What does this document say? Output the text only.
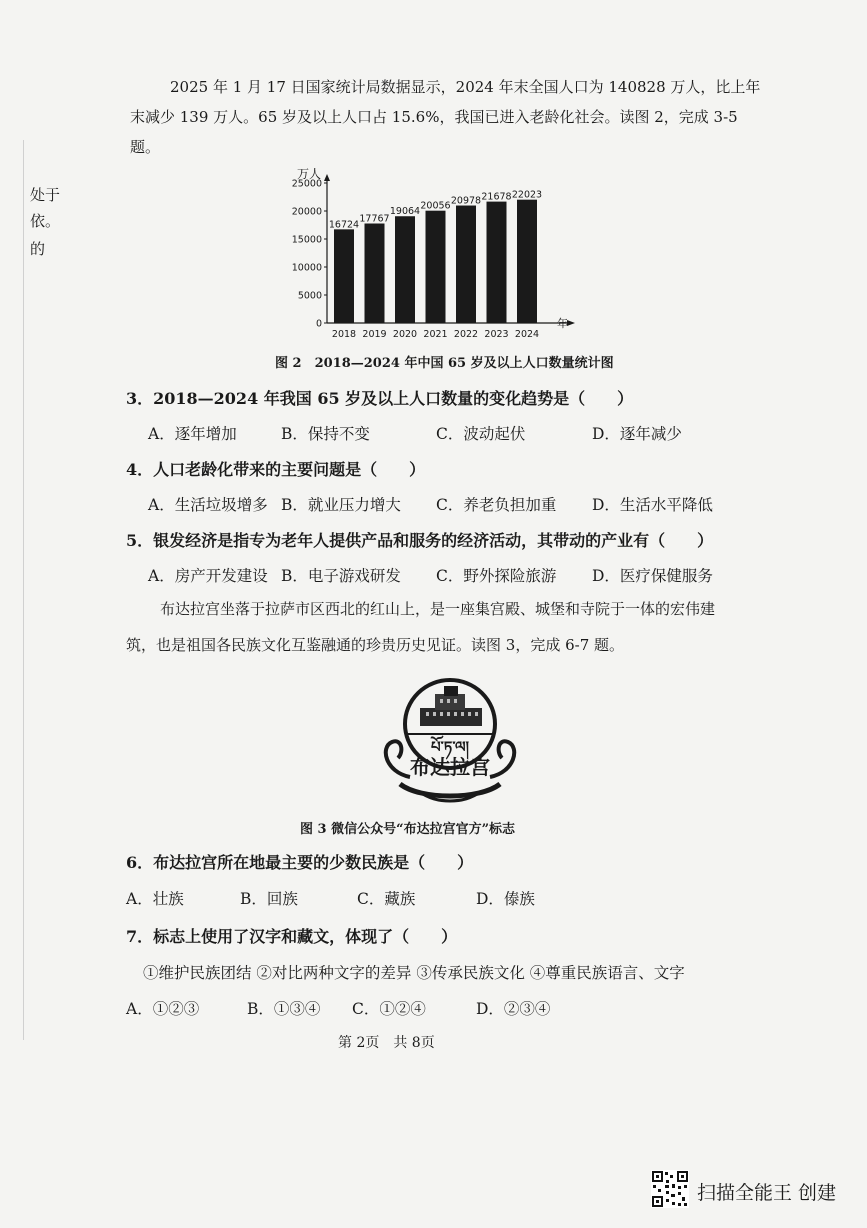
处于
依。
的
2025 年 1 月 17 日国家统计局数据显示，2024 年末全国人口为 140828 万人，比上年
末减少 139 万人。65 岁及以上人口占 15.6%，我国已进入老龄化社会。读图 2，完成 3-5
题。
万人
年
0
5000
10000
15000
20000
25000
16724
2018
17767
2019
19064
2020
20056
2021
20978
2022
21678
2023
22023
2024
图 2　2018—2024 年中国 65 岁及以上人口数量统计图
3．2018—2024 年我国 65 岁及以上人口数量的变化趋势是（　　）
A．逐年增加	B．保持不变	C．波动起伏	D．逐年减少
4．人口老龄化带来的主要问题是（　　）
A．生活垃圾增多 B．就业压力增大 C．养老负担加重 D．生活水平降低
5．银发经济是指专为老年人提供产品和服务的经济活动，其带动的产业有（　　）
A．房产开发建设 B．电子游戏研发 C．野外探险旅游 D．医疗保健服务
布达拉宫坐落于拉萨市区西北的红山上，是一座集宫殿、城堡和寺院于一体的宏伟建
筑，也是祖国各民族文化互鉴融通的珍贵历史见证。读图 3，完成 6-7 题。
པོ་ཏ་ལ།
布达拉宫
图 3 微信公众号“布达拉宫官方”标志
6．布达拉宫所在地最主要的少数民族是（　　）
A．壮族	B．回族	C．藏族	D．傣族
7．标志上使用了汉字和藏文，体现了（　　）
①维护民族团结 ②对比两种文字的差异 ③传承民族文化 ④尊重民族语言、文字
A．①②③	B．①③④ C．①②④	D．②③④
第 2页　共 8页
扫描全能王 创建
